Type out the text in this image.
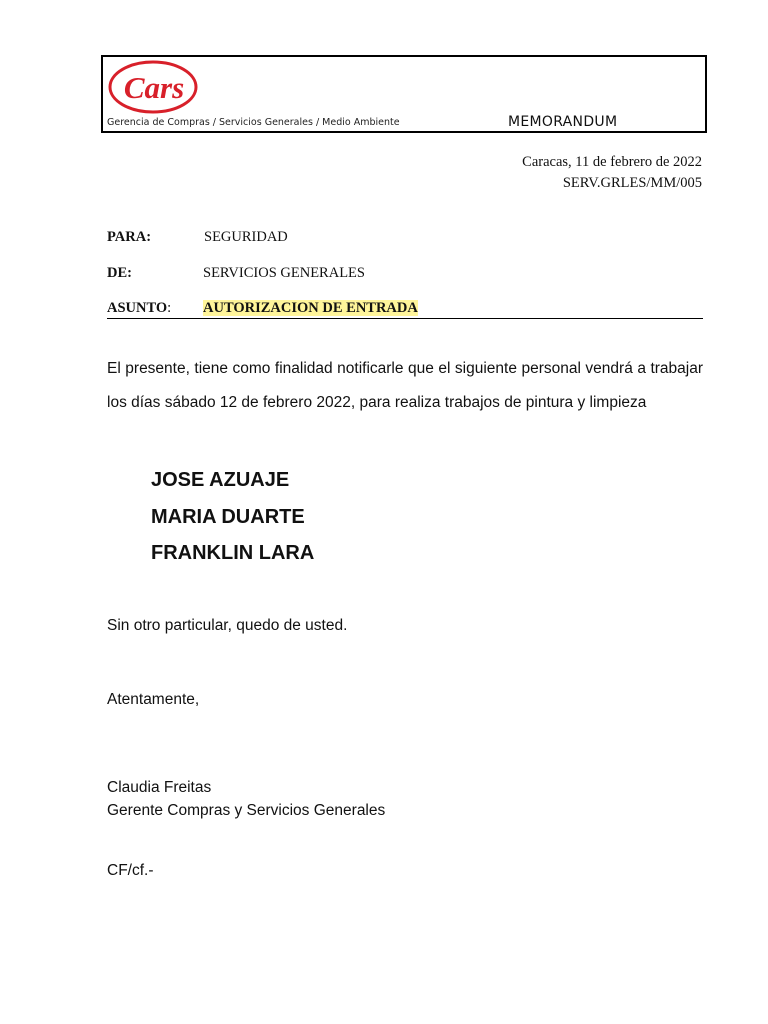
Cars
Gerencia de Compras / Servicios Generales / Medio Ambiente	MEMORANDUM
Caracas, 11 de febrero de 2022
SERV.GRLES/MM/005
PARA:	SEGURIDAD
DE:	SERVICIOS GENERALES
ASUNTO: AUTORIZACION DE ENTRADA
El presente, tiene como finalidad notificarle que el siguiente personal vendrá a trabajar los días sábado 12 de febrero 2022, para realiza trabajos de pintura y limpieza
JOSE AZUAJE
MARIA DUARTE
FRANKLIN LARA
Sin otro particular, quedo de usted.
Atentamente,
Claudia Freitas
Gerente Compras y Servicios Generales
CF/cf.-
